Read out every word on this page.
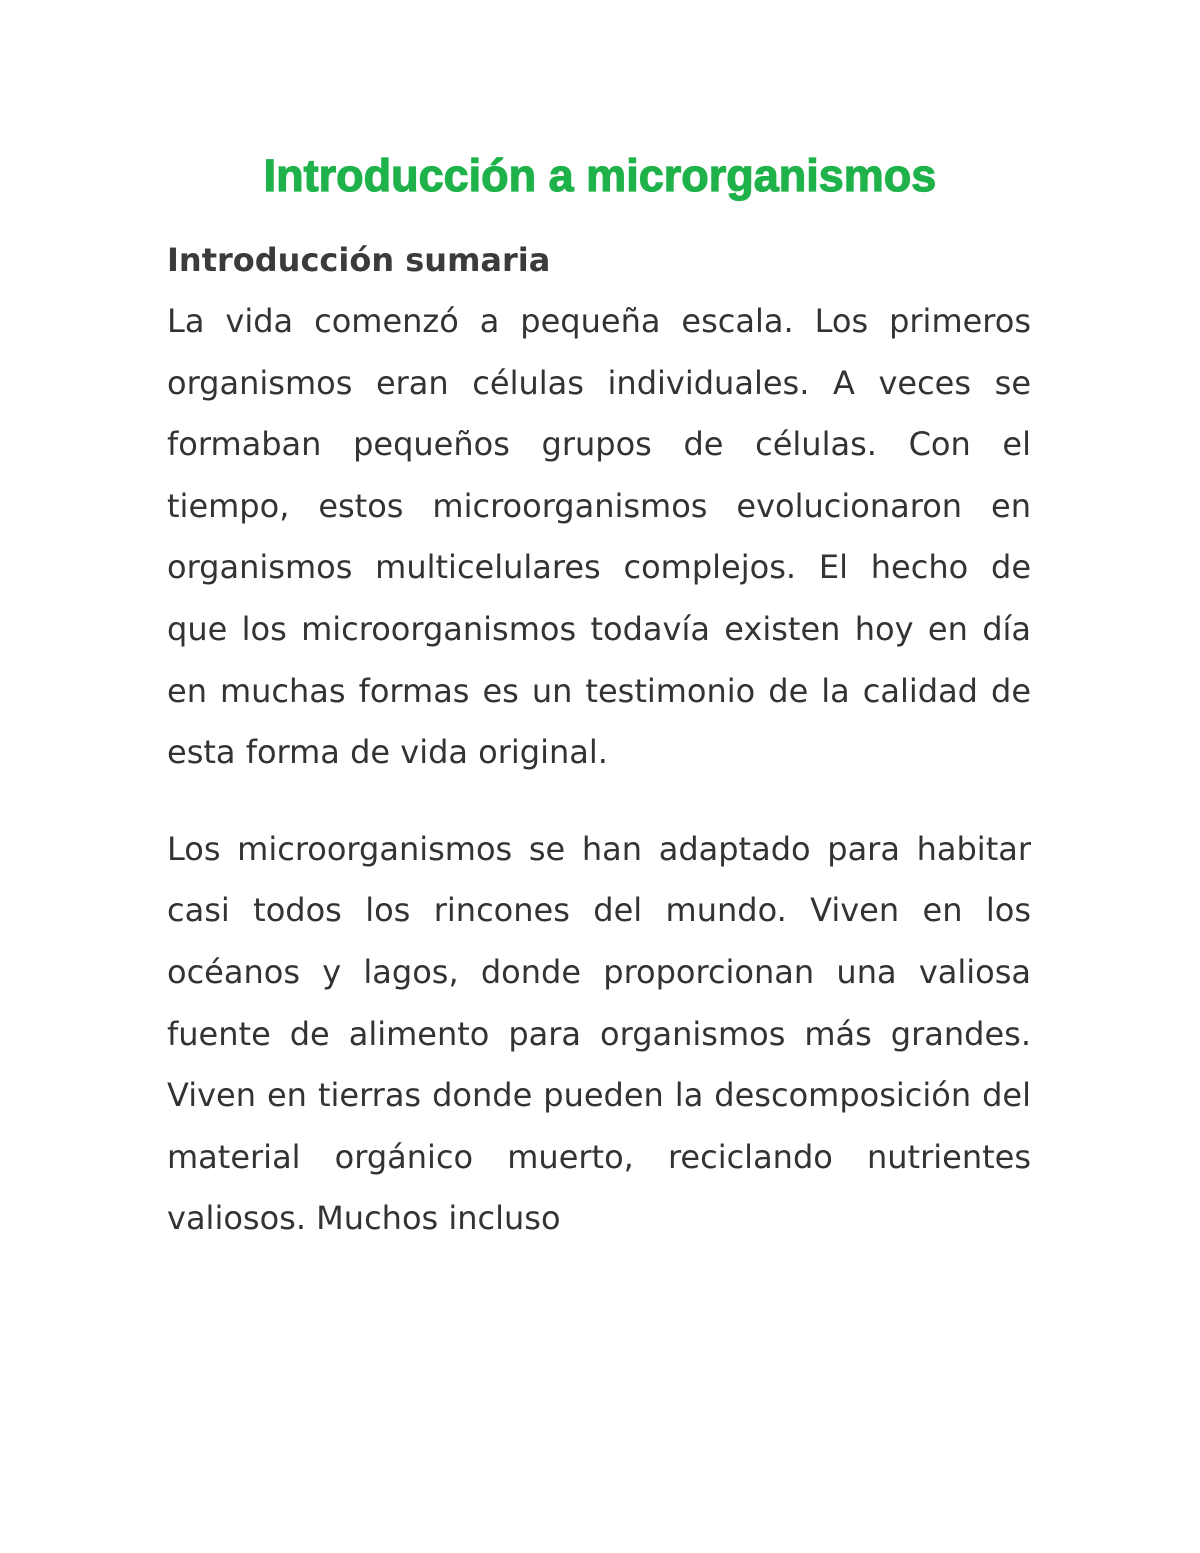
Introducción a microrganismos
Introducción sumaria

La vida comenzó a pequeña escala. Los primeros organismos eran células individuales. A veces se formaban pequeños grupos de células. Con el tiempo, estos microorganismos evolucionaron en organismos multicelulares complejos. El hecho de que los microorganismos todavía existen hoy en día en muchas formas es un testimonio de la calidad de esta forma de vida original.

Los microorganismos se han adaptado para habitar casi todos los rincones del mundo. Viven en los océanos y lagos, donde proporcionan una valiosa fuente de alimento para organismos más grandes. Viven en tierras donde pueden la descomposición del material orgánico muerto, reciclando nutrientes valiosos. Muchos incluso
